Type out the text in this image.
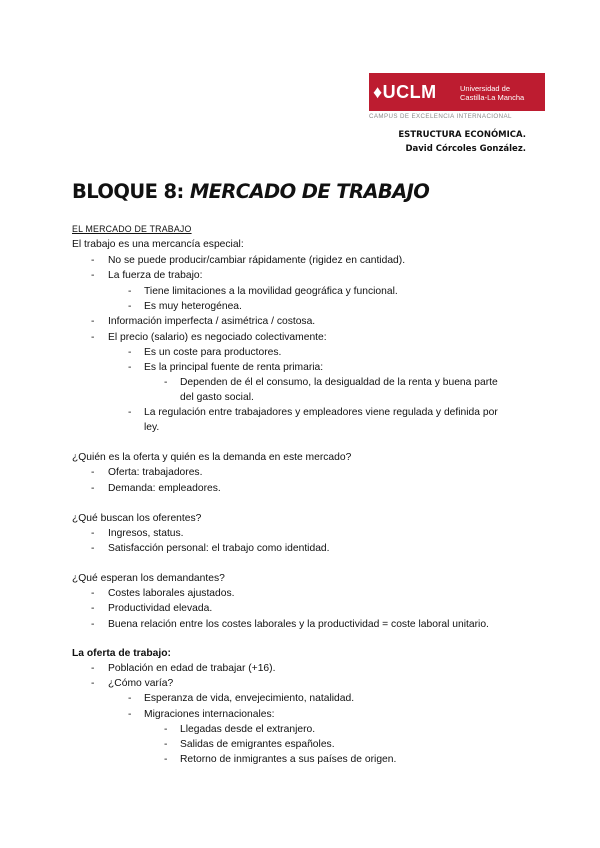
♦UCLM	Universidad de
Castilla-La Mancha
CAMPUS DE EXCELENCIA INTERNACIONAL
ESTRUCTURA ECONÓMICA.
David Córcoles González.
BLOQUE 8: MERCADO DE TRABAJO
EL MERCADO DE TRABAJO
El trabajo es una mercancía especial:
- No se puede producir/cambiar rápidamente (rigidez en cantidad).
- La fuerza de trabajo:
- Tiene limitaciones a la movilidad geográfica y funcional.
- Es muy heterogénea.
- Información imperfecta / asimétrica / costosa.
- El precio (salario) es negociado colectivamente:
- Es un coste para productores.
- Es la principal fuente de renta primaria:
- Dependen de él el consumo, la desigualdad de la renta y buena parte
del gasto social.
- La regulación entre trabajadores y empleadores viene regulada y definida por
ley.
¿Quién es la oferta y quién es la demanda en este mercado?
- Oferta: trabajadores.
- Demanda: empleadores.
¿Qué buscan los oferentes?
- Ingresos, status.
- Satisfacción personal: el trabajo como identidad.
¿Qué esperan los demandantes?
- Costes laborales ajustados.
- Productividad elevada.
- Buena relación entre los costes laborales y la productividad = coste laboral unitario.
La oferta de trabajo:
- Población en edad de trabajar (+16).
- ¿Cómo varía?
- Esperanza de vida, envejecimiento, natalidad.
- Migraciones internacionales:
- Llegadas desde el extranjero.
- Salidas de emigrantes españoles.
- Retorno de inmigrantes a sus países de origen.
